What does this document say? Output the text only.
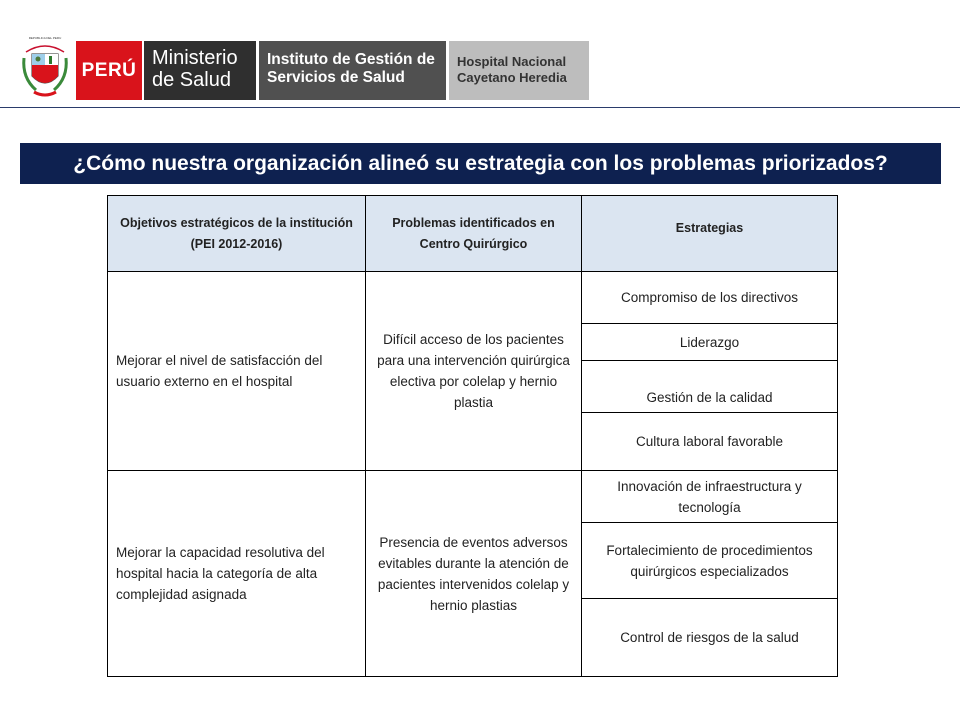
REPUBLICA DEL PERU
PERÚ
Ministerio
de Salud
Instituto de Gestión de
Servicios de Salud
Hospital Nacional
Cayetano Heredia
¿Cómo nuestra organización alineó su estrategia con los problemas priorizados?
Objetivos estratégicos de la institución (PEI 2012-2016)	Problemas identificados en Centro Quirúrgico	Estrategias
Mejorar el nivel de satisfacción del usuario externo en el hospital	Difícil acceso de los pacientes para una intervención quirúrgica electiva por colelap y hernio plastia	Compromiso de los directivos
		Liderazgo
		Gestión de la calidad
		Cultura laboral favorable
Mejorar la capacidad resolutiva del hospital hacia la categoría de alta complejidad asignada	Presencia de eventos adversos evitables durante la atención de pacientes intervenidos colelap y hernio plastias	Innovación de infraestructura y tecnología
		Fortalecimiento de procedimientos quirúrgicos especializados
		Control de riesgos de la salud
